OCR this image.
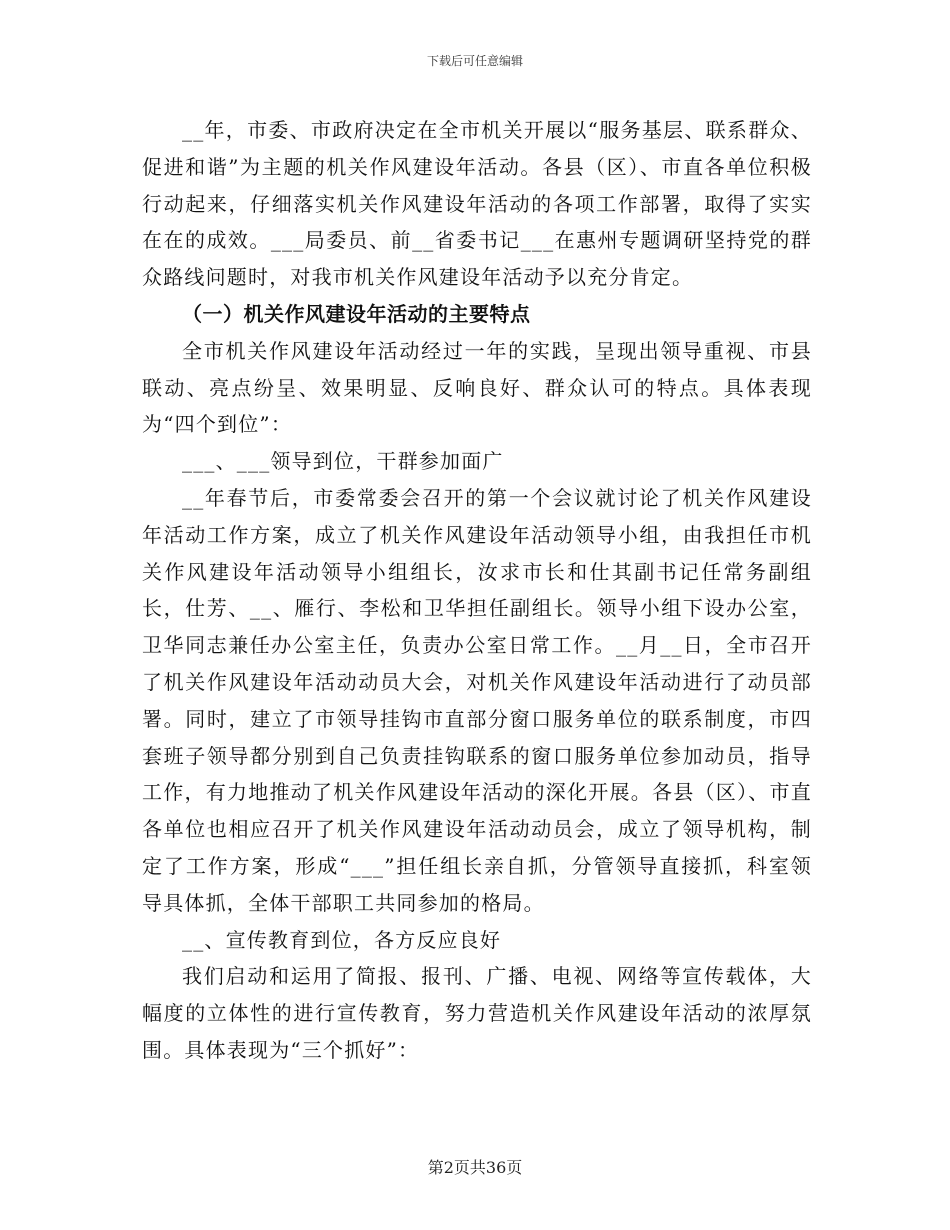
下载后可任意编辑

__年，市委、市政府决定在全市机关开展以“服务基层、联系群众、促进和谐”为主题的机关作风建设年活动。各县（区）、市直各单位积极行动起来，仔细落实机关作风建设年活动的各项工作部署，取得了实实在在的成效。___局委员、前__省委书记___在惠州专题调研坚持党的群众路线问题时，对我市机关作风建设年活动予以充分肯定。

（一）机关作风建设年活动的主要特点

全市机关作风建设年活动经过一年的实践，呈现出领导重视、市县联动、亮点纷呈、效果明显、反响良好、群众认可的特点。具体表现为“四个到位”：

___、___领导到位，干群参加面广

__年春节后，市委常委会召开的第一个会议就讨论了机关作风建设年活动工作方案，成立了机关作风建设年活动领导小组，由我担任市机关作风建设年活动领导小组组长，汝求市长和仕其副书记任常务副组长，仕芳、__、雁行、李松和卫华担任副组长。领导小组下设办公室，卫华同志兼任办公室主任，负责办公室日常工作。__月__日，全市召开了机关作风建设年活动动员大会，对机关作风建设年活动进行了动员部署。同时，建立了市领导挂钩市直部分窗口服务单位的联系制度，市四套班子领导都分别到自己负责挂钩联系的窗口服务单位参加动员，指导工作，有力地推动了机关作风建设年活动的深化开展。各县（区）、市直各单位也相应召开了机关作风建设年活动动员会，成立了领导机构，制定了工作方案，形成“___”担任组长亲自抓，分管领导直接抓，科室领导具体抓，全体干部职工共同参加的格局。

__、宣传教育到位，各方反应良好

我们启动和运用了简报、报刊、广播、电视、网络等宣传载体，大幅度的立体性的进行宣传教育，努力营造机关作风建设年活动的浓厚氛围。具体表现为“三个抓好”：

第2页共36页
